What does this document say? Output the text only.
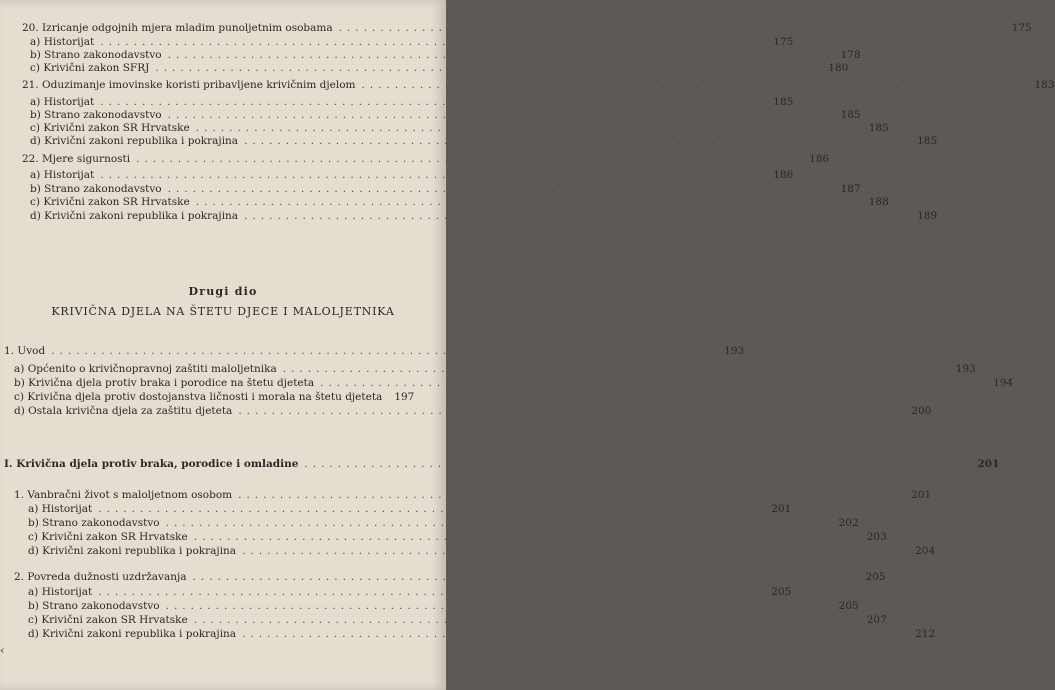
Drugi dio
KRIVIČNA DJELA NA ŠTETU DJECE I MALOLJETNIKA
20. Izricanje odgojnih mjera mladim punoljetnim osobama ................................................................................ 175
a) Historijat ................................................................................ 175
b) Strano zakonodavstvo ................................................................................ 178
c) Krivični zakon SFRJ ................................................................................ 180
21. Oduzimanje imovinske koristi pribavljene krivičnim djelom ................................................................................ 183
a) Historijat ................................................................................ 185
b) Strano zakonodavstvo ................................................................................ 185
c) Krivični zakon SR Hrvatske ................................................................................ 185
d) Krivični zakoni republika i pokrajina ................................................................................ 185
22. Mjere sigurnosti ................................................................................ 186
a) Historijat ................................................................................ 186
b) Strano zakonodavstvo ................................................................................ 187
c) Krivični zakon SR Hrvatske ................................................................................ 188
d) Krivični zakoni republika i pokrajina ................................................................................ 189
1. Uvod ................................................................................ 193
a) Općenito o krivičnopravnoj zaštiti maloljetnika ................................................................................ 193
b) Krivična djela protiv braka i porodice na štetu djeteta ................................................................................ 194
c) Krivična djela protiv dostojanstva ličnosti i morala na štetu djeteta 197
d) Ostala krivična djela za zaštitu djeteta ................................................................................ 200
I. Krivična djela protiv braka, porodice i omladine ................................................................................ 201
1. Vanbračni život s maloljetnom osobom ................................................................................ 201
a) Historijat ................................................................................ 201
b) Strano zakonodavstvo ................................................................................ 202
c) Krivični zakon SR Hrvatske ................................................................................ 203
d) Krivični zakoni republika i pokrajina ................................................................................ 204
2. Povreda dužnosti uzdržavanja ................................................................................ 205
a) Historijat ................................................................................ 205
b) Strano zakonodavstvo ................................................................................ 205
c) Krivični zakon SR Hrvatske ................................................................................ 207
d) Krivični zakoni republika i pokrajina ................................................................................ 212
‹
